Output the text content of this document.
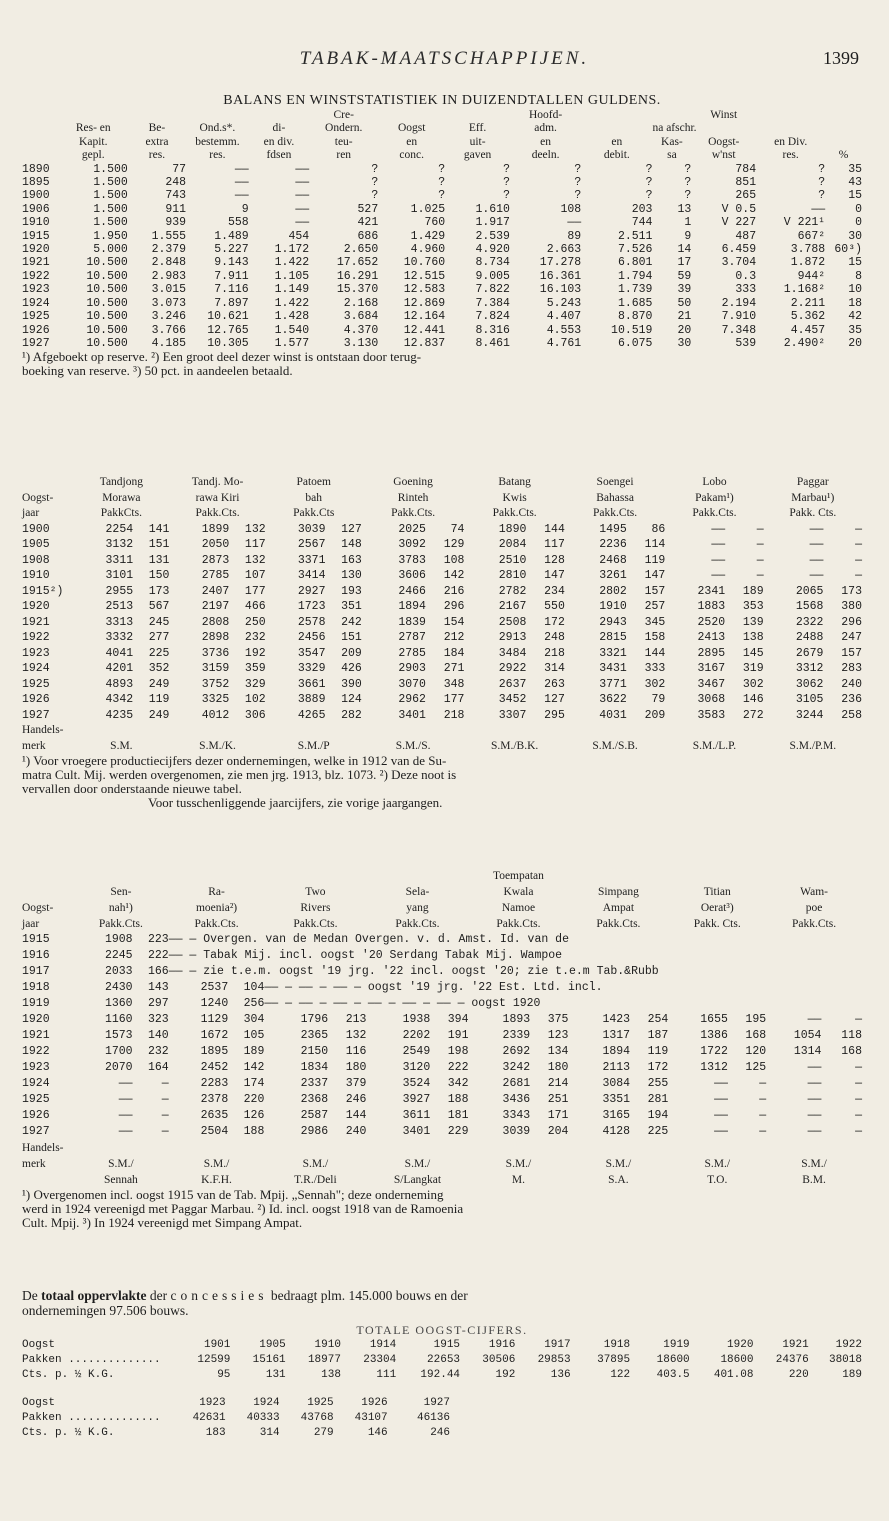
TABAK-MAATSCHAPPIJEN.	1399
BALANS EN WINSTSTATISTIEK IN DUIZENDTALLEN GULDENS.
					Cre-			Hoofd-			Winst		
	Res- en	Be-	Ond.s*.	di-	Ondern.	Oogst	Eff.	adm.		na afschr.			
	Kapit.	extra	bestemm.	en div.	teu-	en	uit-	en	en	Kas-	Oogst-	en Div.	
	gepl.	res.	res.	fdsen	ren	conc.	gaven	deeln.	debit.	sa	w'nst	res.	%
1890	1.500	77	——	——	?	?	?	?	?	?	784	?	35
1895	1.500	248	——	——	?	?	?	?	?	?	851	?	43
1900	1.500	743	——	——	?	?	?	?	?	?	265	?	15
1906	1.500	911	9	——	527	1.025	1.610	108	203	13	V 0.5	——	0
1910	1.500	939	558	——	421	760	1.917	——	744	1	V 227	V 221¹	0
1915	1.950	1.555	1.489	454	686	1.429	2.539	89	2.511	9	487	667²	30
1920	5.000	2.379	5.227	1.172	2.650	4.960	4.920	2.663	7.526	14	6.459	3.788	60³)
1921	10.500	2.848	9.143	1.422	17.652	10.760	8.734	17.278	6.801	17	3.704	1.872	15
1922	10.500	2.983	7.911	1.105	16.291	12.515	9.005	16.361	1.794	59	0.3	944²	8
1923	10.500	3.015	7.116	1.149	15.370	12.583	7.822	16.103	1.739	39	333	1.168²	10
1924	10.500	3.073	7.897	1.422	2.168	12.869	7.384	5.243	1.685	50	2.194	2.211	18
1925	10.500	3.246	10.621	1.428	3.684	12.164	7.824	4.407	8.870	21	7.910	5.362	42
1926	10.500	3.766	12.765	1.540	4.370	12.441	8.316	4.553	10.519	20	7.348	4.457	35
1927	10.500	4.185	10.305	1.577	3.130	12.837	8.461	4.761	6.075	30	539	2.490²	20
¹) Afgeboekt op reserve. ²) Een groot deel dezer winst is ontstaan door terug-
boeking van reserve. ³) 50 pct. in aandeelen betaald.
	Tandjong		Tandj. Mo-		Patoem		Goening		Batang		Soengei		Lobo		Paggar	
Oogst-	Morawa		rawa Kiri		bah		Rinteh		Kwis		Bahassa		Pakam¹)		Marbau¹)	
jaar	PakkCts.		Pakk.Cts.		Pakk.Cts		Pakk.Cts.		Pakk.Cts.		Pakk.Cts.		Pakk.Cts.		Pakk. Cts.	
1900	2254	141	1899	132	3039	127	2025	74	1890	144	1495	86	——	—	——	—
1905	3132	151	2050	117	2567	148	3092	129	2084	117	2236	114	——	—	——	—
1908	3311	131	2873	132	3371	163	3783	108	2510	128	2468	119	——	—	——	—
1910	3101	150	2785	107	3414	130	3606	142	2810	147	3261	147	——	—	——	—
1915²)	2955	173	2407	177	2927	193	2466	216	2782	234	2802	157	2341	189	2065	173
1920	2513	567	2197	466	1723	351	1894	296	2167	550	1910	257	1883	353	1568	380
1921	3313	245	2808	250	2578	242	1839	154	2508	172	2943	345	2520	139	2322	296
1922	3332	277	2898	232	2456	151	2787	212	2913	248	2815	158	2413	138	2488	247
1923	4041	225	3736	192	3547	209	2785	184	3484	218	3321	144	2895	145	2679	157
1924	4201	352	3159	359	3329	426	2903	271	2922	314	3431	333	3167	319	3312	283
1925	4893	249	3752	329	3661	390	3070	348	2637	263	3771	302	3467	302	3062	240
1926	4342	119	3325	102	3889	124	2962	177	3452	127	3622	79	3068	146	3105	236
1927	4235	249	4012	306	4265	282	3401	218	3307	295	4031	209	3583	272	3244	258
Handels-																
merk	S.M.		S.M./K.		S.M./P		S.M./S.		S.M./B.K.		S.M./S.B.		S.M./L.P.		S.M./P.M.	
¹) Voor vroegere productiecijfers dezer ondernemingen, welke in 1912 van de Su-
matra Cult. Mij. werden overgenomen, zie men jrg. 1913, blz. 1073. ²) Deze noot is
vervallen door onderstaande nieuwe tabel.
Voor tusschenliggende jaarcijfers, zie vorige jaargangen.
									Toempatan							
	Sen-		Ra-		Two		Sela-		Kwala		Simpang		Titian		Wam-	
Oogst-	nah¹)		moenia²)		Rivers		yang		Namoe		Ampat		Oerat³)		poe	
jaar	Pakk.Cts.		Pakk.Cts.		Pakk.Cts.		Pakk.Cts.		Pakk.Cts.		Pakk.Cts.		Pakk. Cts.		Pakk.Cts.	
1915	1908	223	—— — Overgen. van de Medan Overgen. v. d. Amst. Id. van de													
1916	2245	222	—— — Tabak Mij. incl. oogst '20 Serdang Tabak Mij. Wampoe													
1917	2033	166	—— — zie t.e.m. oogst '19 jrg. '22 incl. oogst '20; zie t.e.m Tab.&Rubb													
1918	2430	143	2537	104	—— — —— — —— — oogst '19 jrg. '22 Est. Ltd. incl.											
1919	1360	297	1240	256	—— — —— — —— — —— — —— — —— — oogst 1920											
1920	1160	323	1129	304	1796	213	1938	394	1893	375	1423	254	1655	195	——	—
1921	1573	140	1672	105	2365	132	2202	191	2339	123	1317	187	1386	168	1054	118
1922	1700	232	1895	189	2150	116	2549	198	2692	134	1894	119	1722	120	1314	168
1923	2070	164	2452	142	1834	180	3120	222	3242	180	2113	172	1312	125	——	—
1924	——	—	2283	174	2337	379	3524	342	2681	214	3084	255	——	—	——	—
1925	——	—	2378	220	2368	246	3927	188	3436	251	3351	281	——	—	——	—
1926	——	—	2635	126	2587	144	3611	181	3343	171	3165	194	——	—	——	—
1927	——	—	2504	188	2986	240	3401	229	3039	204	4128	225	——	—	——	—
Handels-																
merk	S.M./		S.M./		S.M./		S.M./		S.M./		S.M./		S.M./		S.M./	
	Sennah		K.F.H.		T.R./Deli		S/Langkat		M.		S.A.		T.O.		B.M.	
¹) Overgenomen incl. oogst 1915 van de Tab. Mpij. „Sennah"; deze onderneming
werd in 1924 vereenigd met Paggar Marbau. ²) Id. incl. oogst 1918 van de Ramoenia
Cult. Mpij. ³) In 1924 vereenigd met Simpang Ampat.
De totaal oppervlakte der concessies bedraagt plm. 145.000 bouws en der
ondernemingen 97.506 bouws.
TOTALE OOGST-CIJFERS.
Oogst	1901	1905	1910	1914	1915	1916	1917	1918	1919	1920	1921	1922
Pakken ..............	12599	15161	18977	23304	22653	30506	29853	37895	18600	18600	24376	38018
Cts. p. ½ K.G.	95	131	138	111	192.44	192	136	122	403.5	401.08	220	189
Oogst	1923	1924	1925	1926	1927
Pakken ..............	42631	40333	43768	43107	46136
Cts. p. ½ K.G.	183	314	279	146	246
